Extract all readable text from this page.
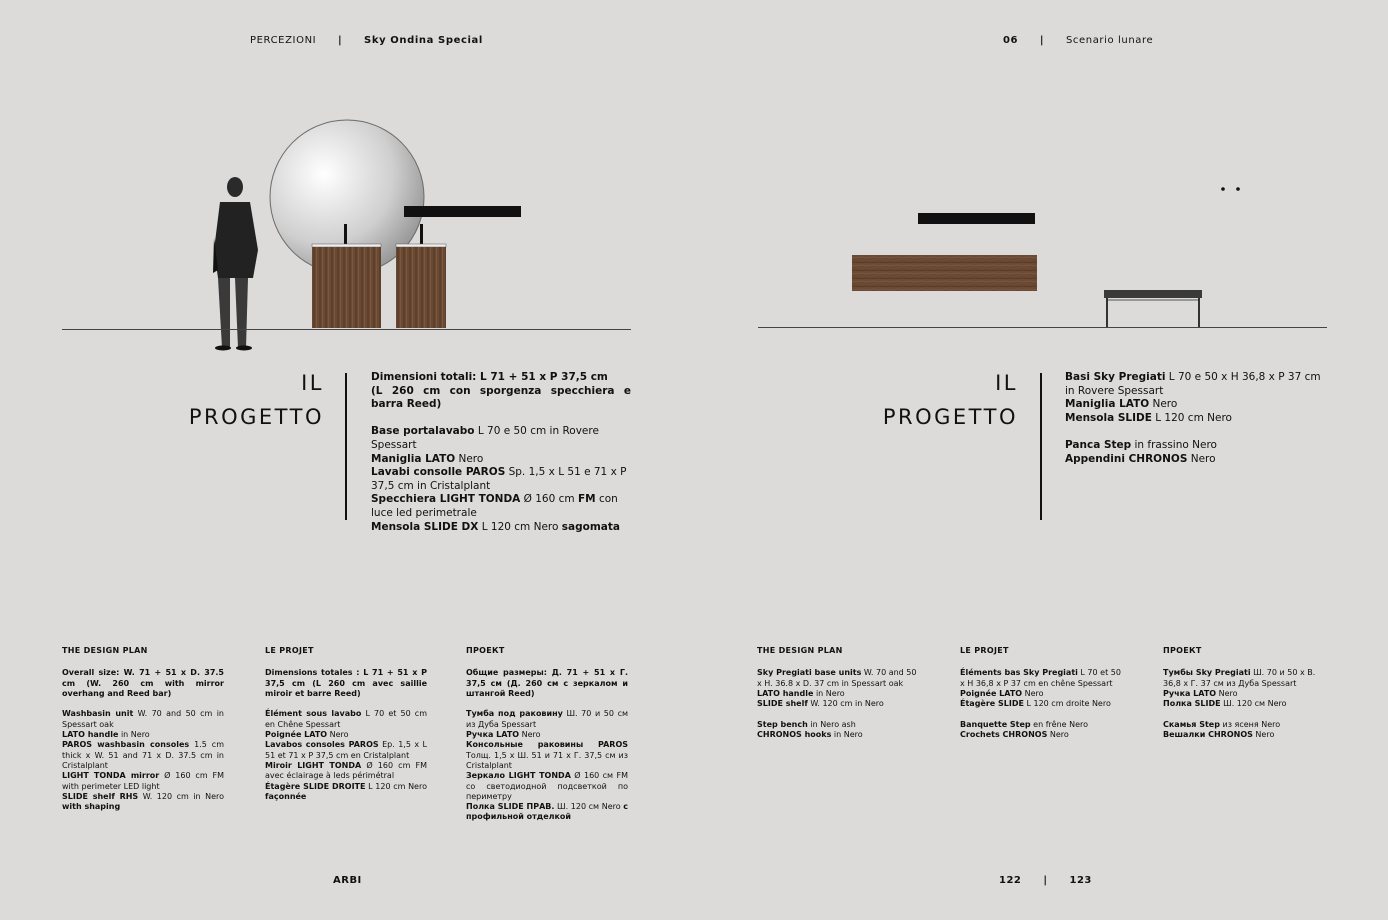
PERCEZIONI | Sky Ondina Special	06 | Scenario lunare
IL
PROGETTO

Dimensioni totali: L 71 + 51 x P 37,5 cm

(L 260 cm con sporgenza specchiera e barra Reed)

Base portalavabo L 70 e 50 cm in Rovere Spessart

Maniglia LATO Nero

Lavabi consolle PAROS Sp. 1,5 x L 51 e 71 x P 37,5 cm in Cristalplant

Specchiera LIGHT TONDA Ø 160 cm FM con luce led perimetrale

Mensola SLIDE DX L 120 cm Nero sagomata

IL
PROGETTO

Basi Sky Pregiati L 70 e 50 x H 36,8 x P 37 cm in Rovere Spessart

Maniglia LATO Nero

Mensola SLIDE L 120 cm Nero

Panca Step in frassino Nero

Appendini CHRONOS Nero

THE DESIGN PLAN

Overall size: W. 71 + 51 x D. 37.5 cm (W. 260 cm with mirror overhang and Reed bar)

Washbasin unit W. 70 and 50 cm in Spessart oak

LATO handle in Nero

PAROS washbasin consoles 1.5 cm thick x W. 51 and 71 x D. 37.5 cm in Cristalplant

LIGHT TONDA mirror Ø 160 cm FM with perimeter LED light

SLIDE shelf RHS W. 120 cm in Nero with shaping

LE PROJET

Dimensions totales : L 71 + 51 x P 37,5 cm (L 260 cm avec saillie miroir et barre Reed)

Élément sous lavabo L 70 et 50 cm en Chêne Spessart

Poignée LATO Nero

Lavabos consoles PAROS Ep. 1,5 x L 51 et 71 x P 37,5 cm en Cristalplant

Miroir LIGHT TONDA Ø 160 cm FM avec éclairage à leds périmétral

Étagère SLIDE DROITE L 120 cm Nero façonnée

ПРОЕКТ

Общие размеры: Д. 71 + 51 х Г. 37,5 см (Д. 260 см с зеркалом и штангой Reed)

Тумба под раковину Ш. 70 и 50 см из Дуба Spessart

Ручка LATO Nero

Консольные раковины PAROS Толщ. 1,5 х Ш. 51 и 71 х Г. 37,5 см из Cristalplant

Зеркало LIGHT TONDA Ø 160 см FM со светодиодной подсветкой по периметру

Полка SLIDE ПРАВ. Ш. 120 см Nero с профильной отделкой

THE DESIGN PLAN

Sky Pregiati base units W. 70 and 50 x H. 36.8 x D. 37 cm in Spessart oak

LATO handle in Nero

SLIDE shelf W. 120 cm in Nero

Step bench in Nero ash

CHRONOS hooks in Nero

LE PROJET

Éléments bas Sky Pregiati L 70 et 50 x H 36,8 x P 37 cm en chêne Spessart

Poignée LATO Nero

Étagère SLIDE L 120 cm droite Nero

Banquette Step en frêne Nero

Crochets CHRONOS Nero

ПРОЕКТ

Тумбы Sky Pregiati Ш. 70 и 50 х В. 36,8 х Г. 37 см из Дуба Spessart

Ручка LATO Nero

Полка SLIDE Ш. 120 см Nero

Скамья Step из ясеня Nero

Вешалки CHRONOS Nero

ARBI	122 | 123
